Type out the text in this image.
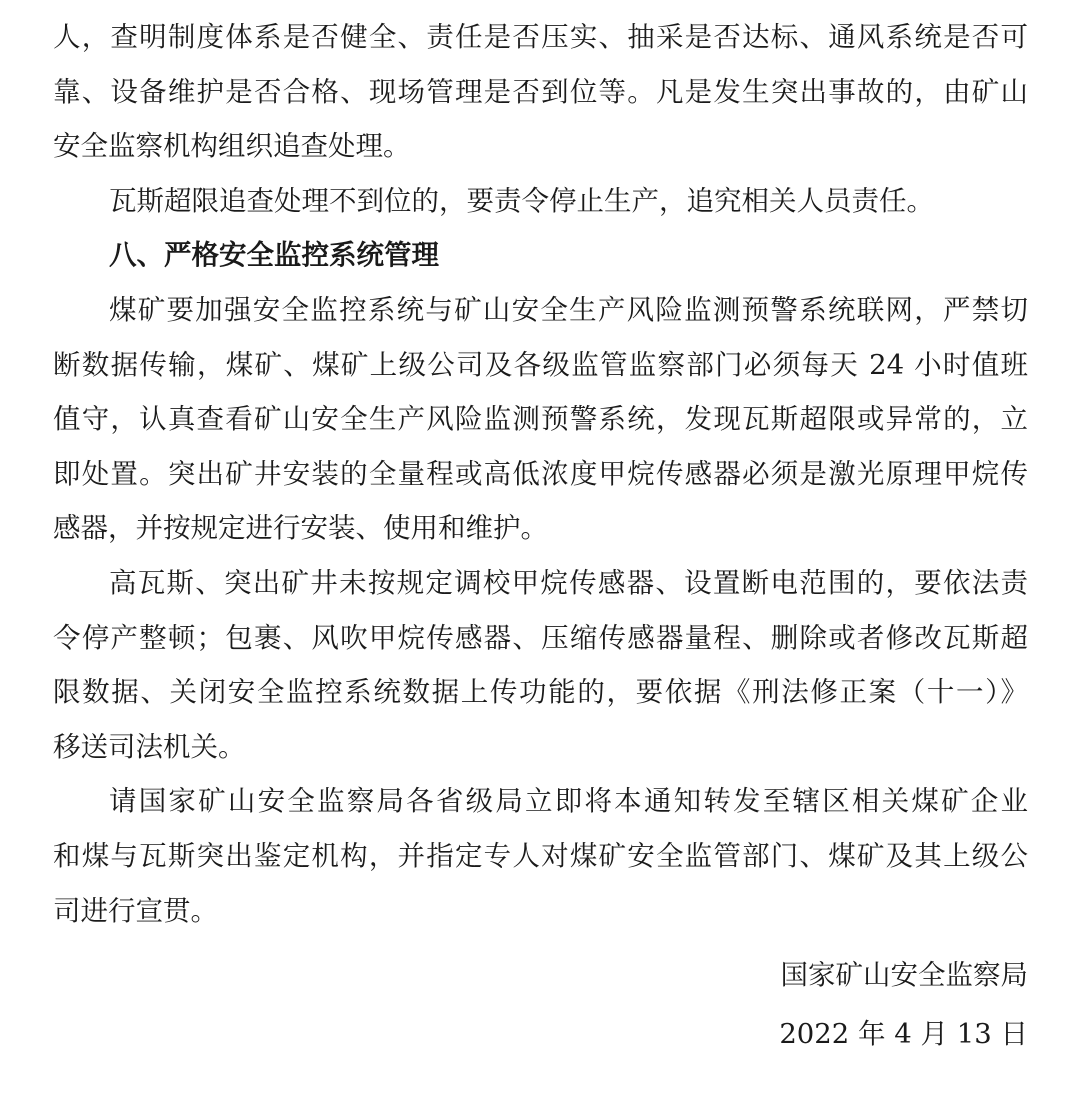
人，查明制度体系是否健全、责任是否压实、抽采是否达标、通风系统是否可
靠、设备维护是否合格、现场管理是否到位等。凡是发生突出事故的，由矿山
安全监察机构组织追查处理。
瓦斯超限追查处理不到位的，要责令停止生产，追究相关人员责任。
八、严格安全监控系统管理
煤矿要加强安全监控系统与矿山安全生产风险监测预警系统联网，严禁切
断数据传输，煤矿、煤矿上级公司及各级监管监察部门必须每天 24 小时值班
值守，认真查看矿山安全生产风险监测预警系统，发现瓦斯超限或异常的，立
即处置。突出矿井安装的全量程或高低浓度甲烷传感器必须是激光原理甲烷传
感器，并按规定进行安装、使用和维护。
高瓦斯、突出矿井未按规定调校甲烷传感器、设置断电范围的，要依法责
令停产整顿；包裹、风吹甲烷传感器、压缩传感器量程、删除或者修改瓦斯超
限数据、关闭安全监控系统数据上传功能的，要依据《刑法修正案（十一）》
移送司法机关。
请国家矿山安全监察局各省级局立即将本通知转发至辖区相关煤矿企业
和煤与瓦斯突出鉴定机构，并指定专人对煤矿安全监管部门、煤矿及其上级公
司进行宣贯。
国家矿山安全监察局
2022 年 4 月 13 日
